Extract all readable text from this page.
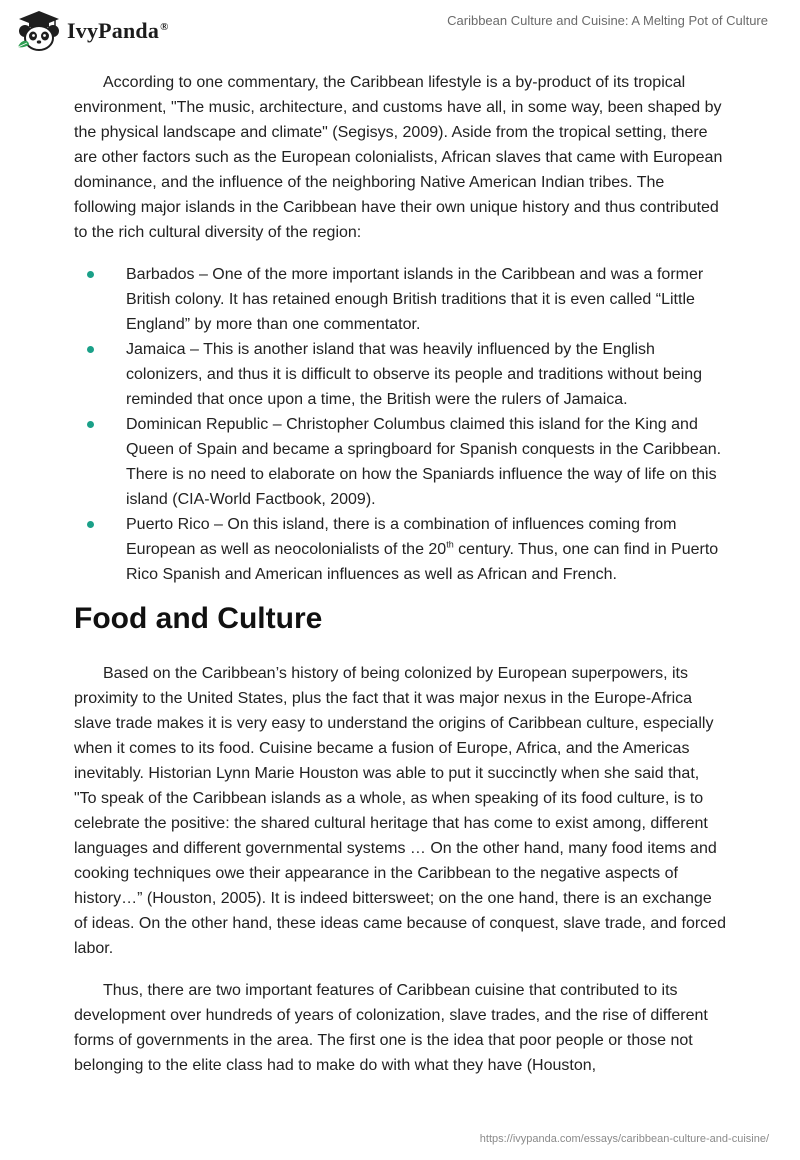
IvyPanda®	Caribbean Culture and Cuisine: A Melting Pot of Culture

According to one commentary, the Caribbean lifestyle is a by-product of its tropical environment, "The music, architecture, and customs have all, in some way, been shaped by the physical landscape and climate" (Segisys, 2009). Aside from the tropical setting, there are other factors such as the European colonialists, African slaves that came with European dominance, and the influence of the neighboring Native American Indian tribes. The following major islands in the Caribbean have their own unique history and thus contributed to the rich cultural diversity of the region:

Barbados – One of the more important islands in the Caribbean and was a former British colony. It has retained enough British traditions that it is even called “Little England” by more than one commentator.
Jamaica – This is another island that was heavily influenced by the English colonizers, and thus it is difficult to observe its people and traditions without being reminded that once upon a time, the British were the rulers of Jamaica.
Dominican Republic – Christopher Columbus claimed this island for the King and Queen of Spain and became a springboard for Spanish conquests in the Caribbean. There is no need to elaborate on how the Spaniards influence the way of life on this island (CIA-World Factbook, 2009).
Puerto Rico – On this island, there is a combination of influences coming from European as well as neocolonialists of the 20th century. Thus, one can find in Puerto Rico Spanish and American influences as well as African and French.
Food and Culture

Based on the Caribbean’s history of being colonized by European superpowers, its proximity to the United States, plus the fact that it was major nexus in the Europe-Africa slave trade makes it is very easy to understand the origins of Caribbean culture, especially when it comes to its food. Cuisine became a fusion of Europe, Africa, and the Americas inevitably. Historian Lynn Marie Houston was able to put it succinctly when she said that, "To speak of the Caribbean islands as a whole, as when speaking of its food culture, is to celebrate the positive: the shared cultural heritage that has come to exist among, different languages and different governmental systems … On the other hand, many food items and cooking techniques owe their appearance in the Caribbean to the negative aspects of history…” (Houston, 2005). It is indeed bittersweet; on the one hand, there is an exchange of ideas. On the other hand, these ideas came because of conquest, slave trade, and forced labor.

Thus, there are two important features of Caribbean cuisine that contributed to its development over hundreds of years of colonization, slave trades, and the rise of different forms of governments in the area. The first one is the idea that poor people or those not belonging to the elite class had to make do with what they have (Houston,

https://ivypanda.com/essays/caribbean-culture-and-cuisine/
